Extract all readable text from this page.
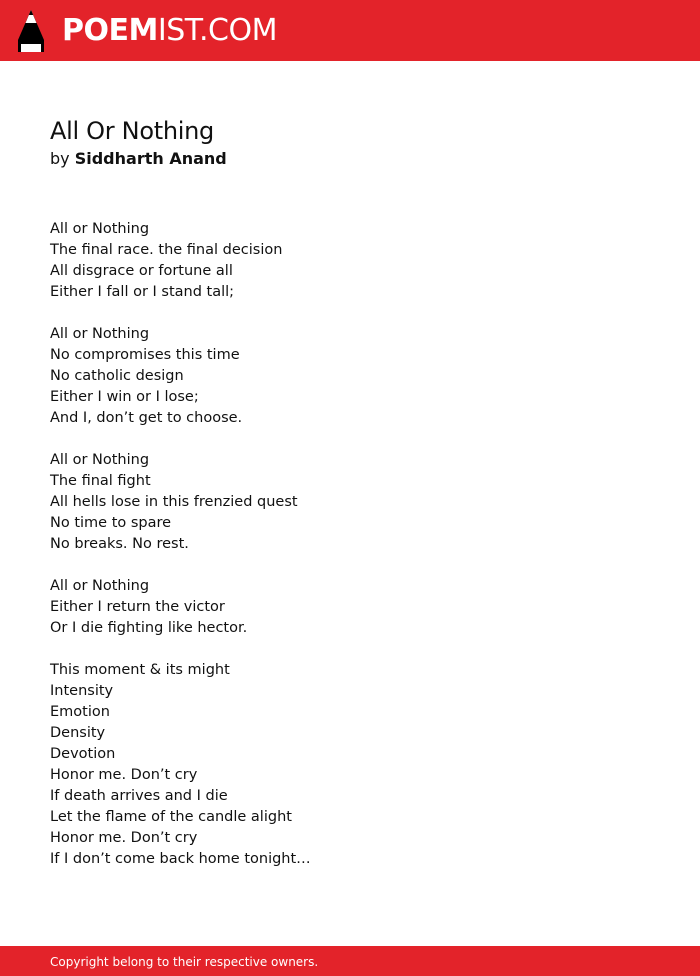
POEMIST.COM
All Or Nothing
by Siddharth Anand
All or Nothing
The final race. the final decision
All disgrace or fortune all
Either I fall or I stand tall;
All or Nothing
No compromises this time
No catholic design
Either I win or I lose;
And I, don’t get to choose.
All or Nothing
The final fight
All hells lose in this frenzied quest
No time to spare
No breaks. No rest.
All or Nothing
Either I return the victor
Or I die fighting like hector.
This moment & its might
Intensity
Emotion
Density
Devotion
Honor me. Don’t cry
If death arrives and I die
Let the flame of the candle alight
Honor me. Don’t cry
If I don’t come back home tonight…
Copyright belong to their respective owners.
